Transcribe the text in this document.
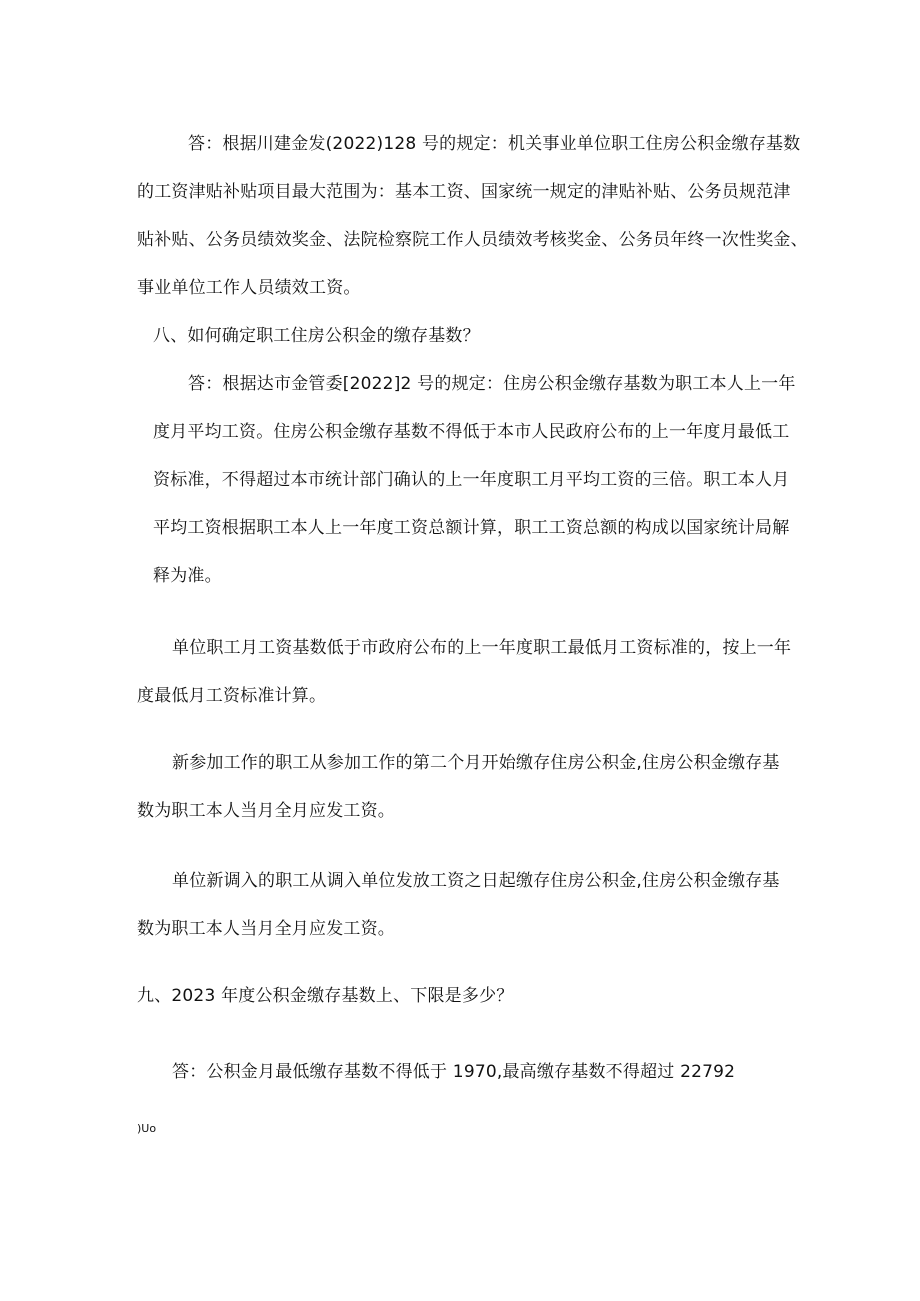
答：根据川建金发(2022)128 号的规定：机关事业单位职工住房公积金缴存基数
的工资津贴补贴项目最大范围为：基本工资、国家统一规定的津贴补贴、公务员规范津
贴补贴、公务员绩效奖金、法院检察院工作人员绩效考核奖金、公务员年终一次性奖金、
事业单位工作人员绩效工资。
八、如何确定职工住房公积金的缴存基数？
答：根据达市金管委[2022]2 号的规定：住房公积金缴存基数为职工本人上一年
度月平均工资。住房公积金缴存基数不得低于本市人民政府公布的上一年度月最低工
资标准，不得超过本市统计部门确认的上一年度职工月平均工资的三倍。职工本人月
平均工资根据职工本人上一年度工资总额计算，职工工资总额的构成以国家统计局解
释为准。
单位职工月工资基数低于市政府公布的上一年度职工最低月工资标准的，按上一年
度最低月工资标准计算。
新参加工作的职工从参加工作的第二个月开始缴存住房公积金,住房公积金缴存基
数为职工本人当月全月应发工资。
单位新调入的职工从调入单位发放工资之日起缴存住房公积金,住房公积金缴存基
数为职工本人当月全月应发工资。
九、2023 年度公积金缴存基数上、下限是多少？
答：公积金月最低缴存基数不得低于 1970,最高缴存基数不得超过 22792
)Uo
